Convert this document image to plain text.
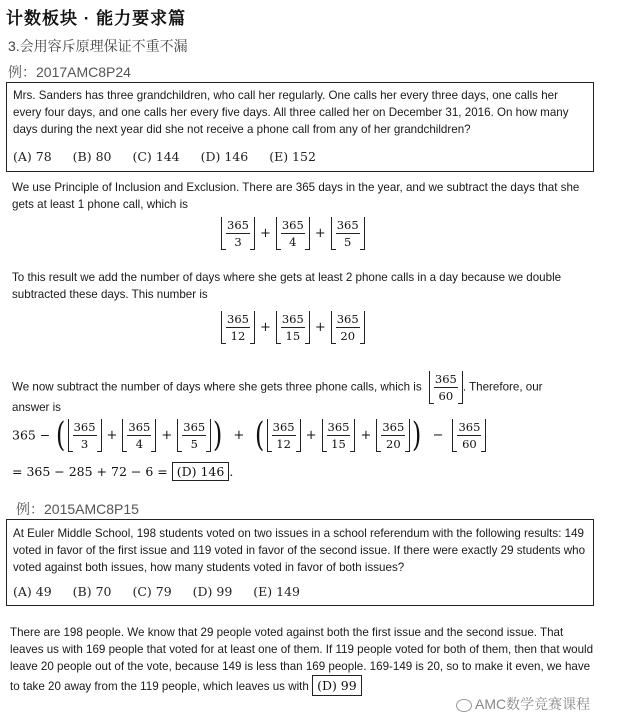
计数板块 · 能力要求篇
3.会用容斥原理保证不重不漏
例：2017AMC8P24
Mrs. Sanders has three grandchildren, who call her regularly. One calls her every three days, one calls her every four days, and one calls her every five days. All three called her on December 31, 2016. On how many days during the next year did she not receive a phone call from any of her grandchildren?
(A) 78 (B) 80 (C) 144 (D) 146 (E) 152
We use Principle of Inclusion and Exclusion. There are 365 days in the year, and we subtract the days that she gets at least 1 phone call, which is
$\frac{365}{3} + \frac{365}{4} + \frac{365}{5}$
To this result we add the number of days where she gets at least 2 phone calls in a day because we double subtracted these days. This number is
$\frac{365}{12} + \frac{365}{15} + \frac{365}{20}$
We now subtract the number of days where she gets three phone calls, which is $\frac{365}{60}$ . Therefore, our
answer is
365 − ( $\frac{365}{3} + \frac{365}{4} + \frac{365}{5}$ ) + ( $\frac{365}{12} + \frac{365}{15} + \frac{365}{20}$ ) − $\frac{365}{60}$
= 365 − 285 + 72 − 6 = (D) 146 .
例：2015AMC8P15
At Euler Middle School, 198 students voted on two issues in a school referendum with the following results: 149 voted in favor of the first issue and 119 voted in favor of the second issue. If there were exactly 29 students who voted against both issues, how many students voted in favor of both issues?
(A) 49 (B) 70 (C) 79 (D) 99 (E) 149
There are 198 people. We know that 29 people voted against both the first issue and the second issue. That leaves us with 169 people that voted for at least one of them. If 119 people voted for both of them, then that would leave 20 people out of the vote, because 149 is less than 169 people. 169-149 is 20, so to make it even, we have to take 20 away from the 119 people, which leaves us with (D) 99
AMC数学竞赛课程
